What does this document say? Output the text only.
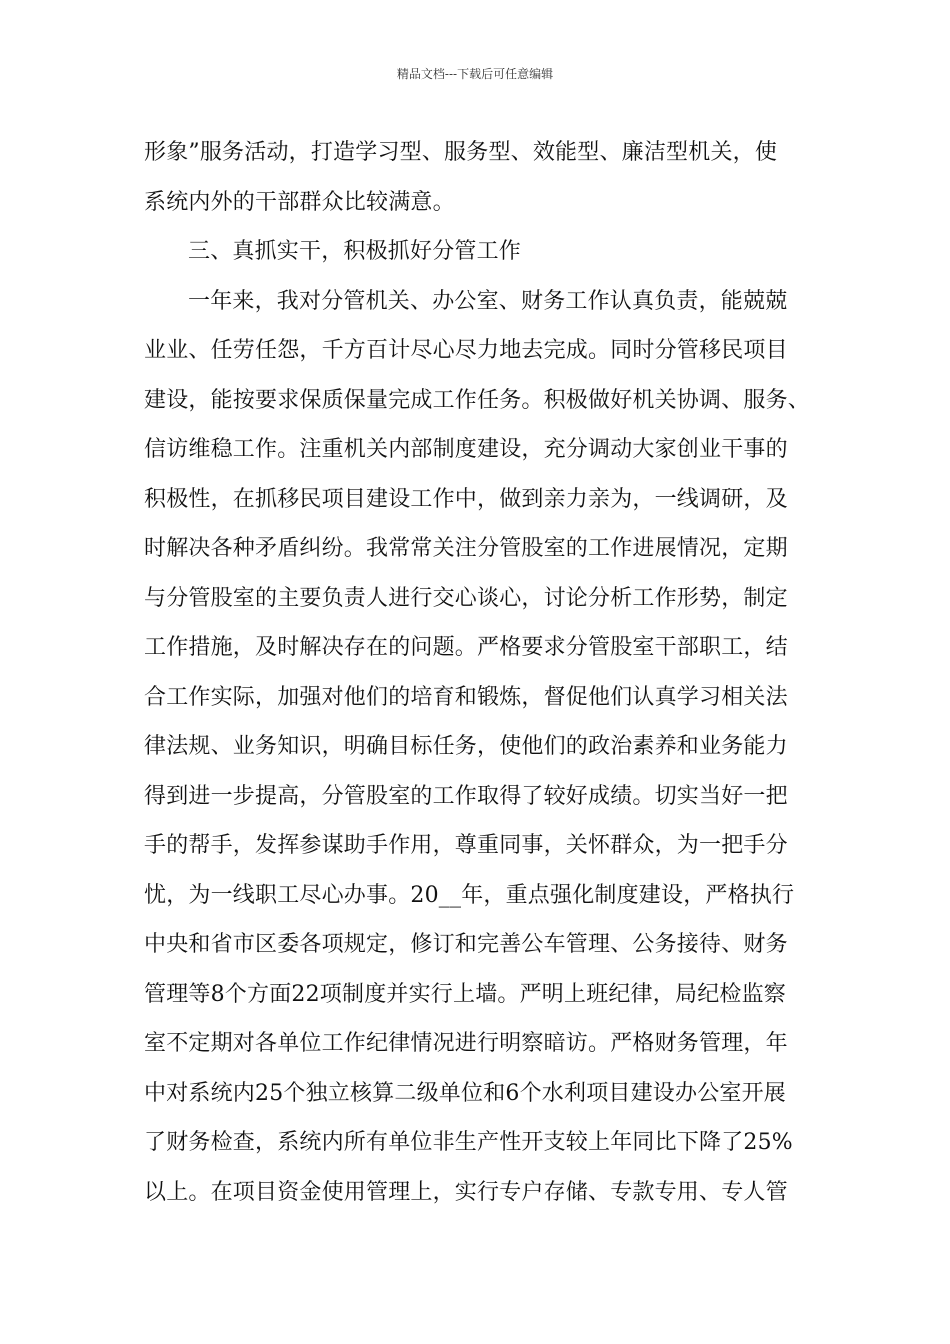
精品文档---下载后可任意编辑
形象”服务活动，打造学习型、服务型、效能型、廉洁型机关，使
系统内外的干部群众比较满意。
三、真抓实干，积极抓好分管工作
一年来，我对分管机关、办公室、财务工作认真负责，能兢兢
业业、任劳任怨，千方百计尽心尽力地去完成。同时分管移民项目
建设，能按要求保质保量完成工作任务。积极做好机关协调、服务、
信访维稳工作。注重机关内部制度建设，充分调动大家创业干事的
积极性，在抓移民项目建设工作中，做到亲力亲为，一线调研，及
时解决各种矛盾纠纷。我常常关注分管股室的工作进展情况，定期
与分管股室的主要负责人进行交心谈心，讨论分析工作形势，制定
工作措施，及时解决存在的问题。严格要求分管股室干部职工，结
合工作实际，加强对他们的培育和锻炼，督促他们认真学习相关法
律法规、业务知识，明确目标任务，使他们的政治素养和业务能力
得到进一步提高，分管股室的工作取得了较好成绩。切实当好一把
手的帮手，发挥参谋助手作用，尊重同事，关怀群众，为一把手分
忧，为一线职工尽心办事。20__年，重点强化制度建设，严格执行
中央和省市区委各项规定，修订和完善公车管理、公务接待、财务
管理等8个方面22项制度并实行上墙。严明上班纪律，局纪检监察
室不定期对各单位工作纪律情况进行明察暗访。严格财务管理，年
中对系统内25个独立核算二级单位和6个水利项目建设办公室开展
了财务检查，系统内所有单位非生产性开支较上年同比下降了25%
以上。在项目资金使用管理上，实行专户存储、专款专用、专人管
